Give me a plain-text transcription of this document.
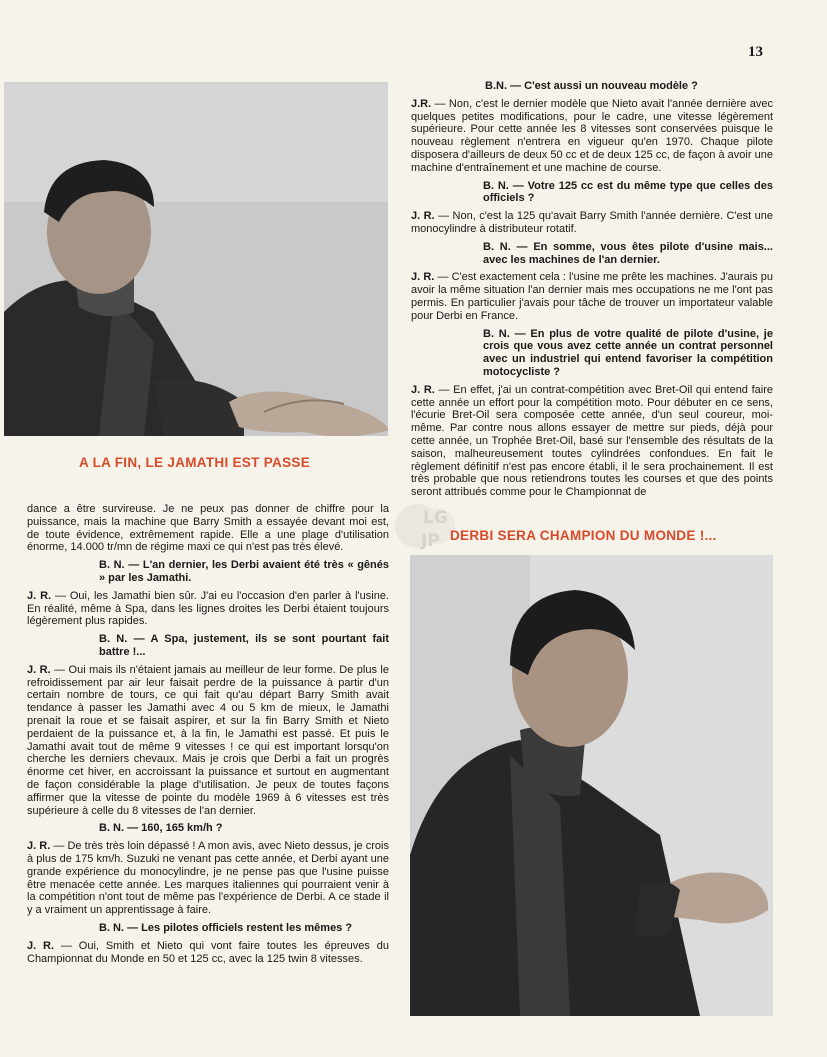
13
A LA FIN, LE JAMATHI EST PASSE

B.N. — C'est aussi un nouveau modèle ?

J.R. — Non, c'est le dernier modèle que Nieto avait l'année dernière avec quelques petites modifications, pour le cadre, une vitesse légèrement supérieure. Pour cette année les 8 vitesses sont conservées puisque le nouveau règlement n'entrera en vigueur qu'en 1970. Chaque pilote disposera d'ailleurs de deux 50 cc et de deux 125 cc, de façon à avoir une machine d'entraînement et une machine de course.

B. N. — Votre 125 cc est du même type que celles des officiels ?

J. R. — Non, c'est la 125 qu'avait Barry Smith l'année dernière. C'est une monocylindre à distributeur rotatif.

B. N. — En somme, vous êtes pilote d'usine mais... avec les machines de l'an dernier.

J. R. — C'est exactement cela : l'usine me prête les machines. J'aurais pu avoir la même situation l'an dernier mais mes occupations ne me l'ont pas permis. En particulier j'avais pour tâche de trouver un importateur valable pour Derbi en France.

B. N. — En plus de votre qualité de pilote d'usine, je crois que vous avez cette année un contrat personnel avec un industriel qui entend favoriser la compétition motocycliste ?

J. R. — En effet, j'ai un contrat-compétition avec Bret-Oil qui entend faire cette année un effort pour la compétition moto. Pour débuter en ce sens, l'écurie Bret-Oil sera composée cette année, d'un seul coureur, moi-même. Par contre nous allons essayer de mettre sur pieds, déjà pour cette année, un Trophée Bret-Oil, basé sur l'ensemble des résultats de la saison, malheureusement toutes cylindrées confondues. En fait le règlement définitif n'est pas encore établi, il le sera prochainement. Il est très probable que nous retiendrons toutes les courses et que des points seront attribués comme pour le Championnat de

dance a être survireuse. Je ne peux pas donner de chiffre pour la puissance, mais la machine que Barry Smith a essayée devant moi est, de toute évidence, extrêmement rapide. Elle a une plage d'utilisation énorme, 14.000 tr/mn de régime maxi ce qui n'est pas très élevé.

B. N. — L'an dernier, les Derbi avaient été très « gênés » par les Jamathi.

J. R. — Oui, les Jamathi bien sûr. J'ai eu l'occasion d'en parler à l'usine. En réalité, même à Spa, dans les lignes droites les Derbi étaient toujours légèrement plus rapides.

B. N. — A Spa, justement, ils se sont pourtant fait battre !...

J. R. — Oui mais ils n'étaient jamais au meilleur de leur forme. De plus le refroidissement par air leur faisait perdre de la puissance à partir d'un certain nombre de tours, ce qui fait qu'au départ Barry Smith avait tendance à passer les Jamathi avec 4 ou 5 km de mieux, le Jamathi prenait la roue et se faisait aspirer, et sur la fin Barry Smith et Nieto perdaient de la puissance et, à la fin, le Jamathi est passé. Et puis le Jamathi avait tout de même 9 vitesses ! ce qui est important lorsqu'on cherche les derniers chevaux. Mais je crois que Derbi a fait un progrès énorme cet hiver, en accroissant la puissance et surtout en augmentant de façon considérable la plage d'utilisation. Je peux de toutes façons affirmer que la vitesse de pointe du modèle 1969 à 6 vitesses est très supérieure à celle du 8 vitesses de l'an dernier.

B. N. — 160, 165 km/h ?

J. R. — De très très loin dépassé ! A mon avis, avec Nieto dessus, je crois à plus de 175 km/h. Suzuki ne venant pas cette année, et Derbi ayant une grande expérience du monocylindre, je ne pense pas que l'usine puisse être menacée cette année. Les marques italiennes qui pourraient venir à la compétition n'ont tout de même pas l'expérience de Derbi. A ce stade il y a vraiment un apprentissage à faire.

B. N. — Les pilotes officiels restent les mêmes ?

J. R. — Oui, Smith et Nieto qui vont faire toutes les épreuves du Championnat du Monde en 50 et 125 cc, avec la 125 twin 8 vitesses.

LG
JP DERBI SERA CHAMPION DU MONDE !...
